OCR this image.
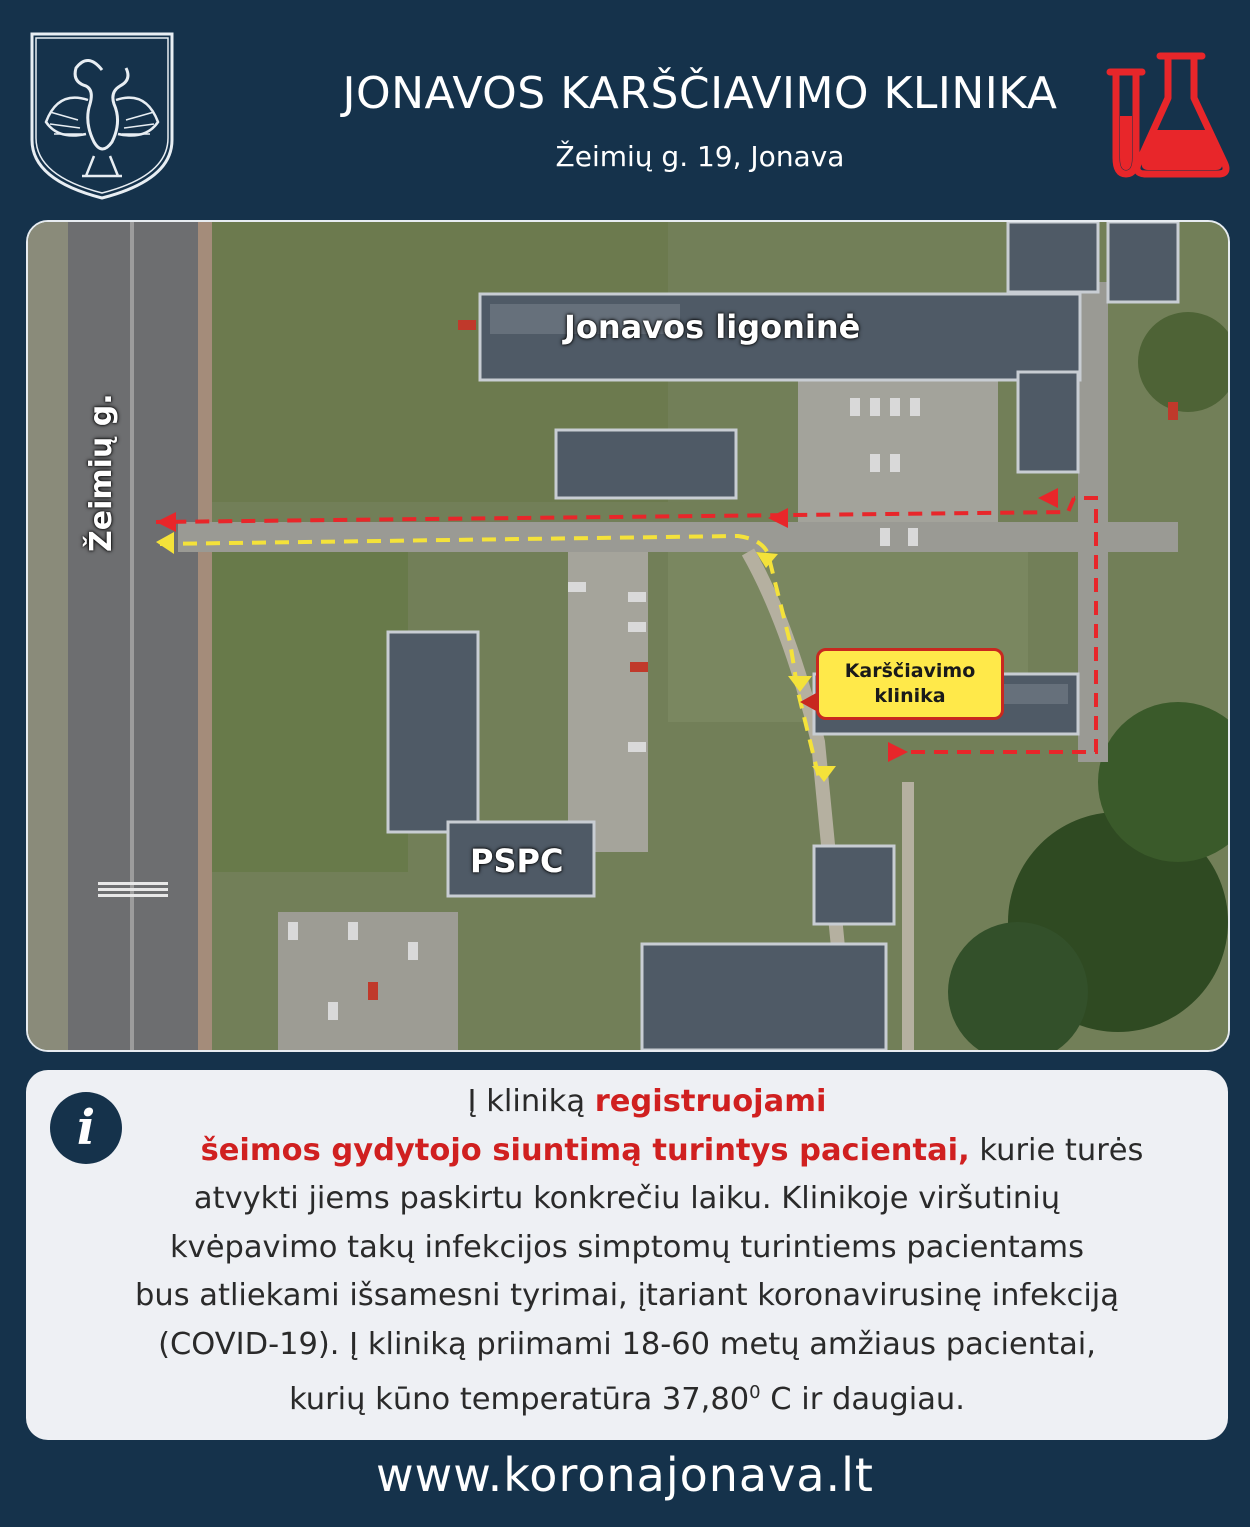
JONAVOS KARŠČIAVIMO KLINIKA
Žeimių g. 19, Jonava
Jonavos ligoninė
Žeimių g.
PSPC
Karščiavimo
klinika
i	Į kliniką registruojami
šeimos gydytojo siuntimą turintys pacientai, kurie turės
atvykti jiems paskirtu konkrečiu laiku. Klinikoje viršutinių
kvėpavimo takų infekcijos simptomų turintiems pacientams
bus atliekami išsamesni tyrimai, įtariant koronavirusinę infekciją
(COVID-19). Į kliniką priimami 18-60 metų amžiaus pacientai,
kurių kūno temperatūra 37,80$^0$ C ir daugiau.
www.koronajonava.lt
